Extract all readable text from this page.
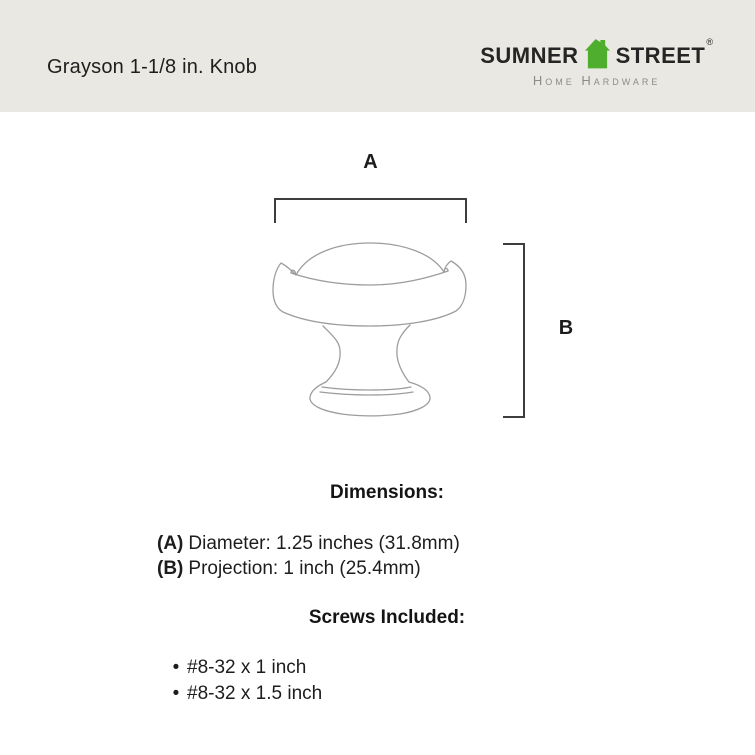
Grayson 1-1/8 in. Knob	SUMNER STREET
®
Home Hardware
A
B
Dimensions:
(A) Diameter: 1.25 inches (31.8mm)
(B) Projection: 1 inch (25.4mm)
Screws Included:
• #8-32 x 1 inch
• #8-32 x 1.5 inch
